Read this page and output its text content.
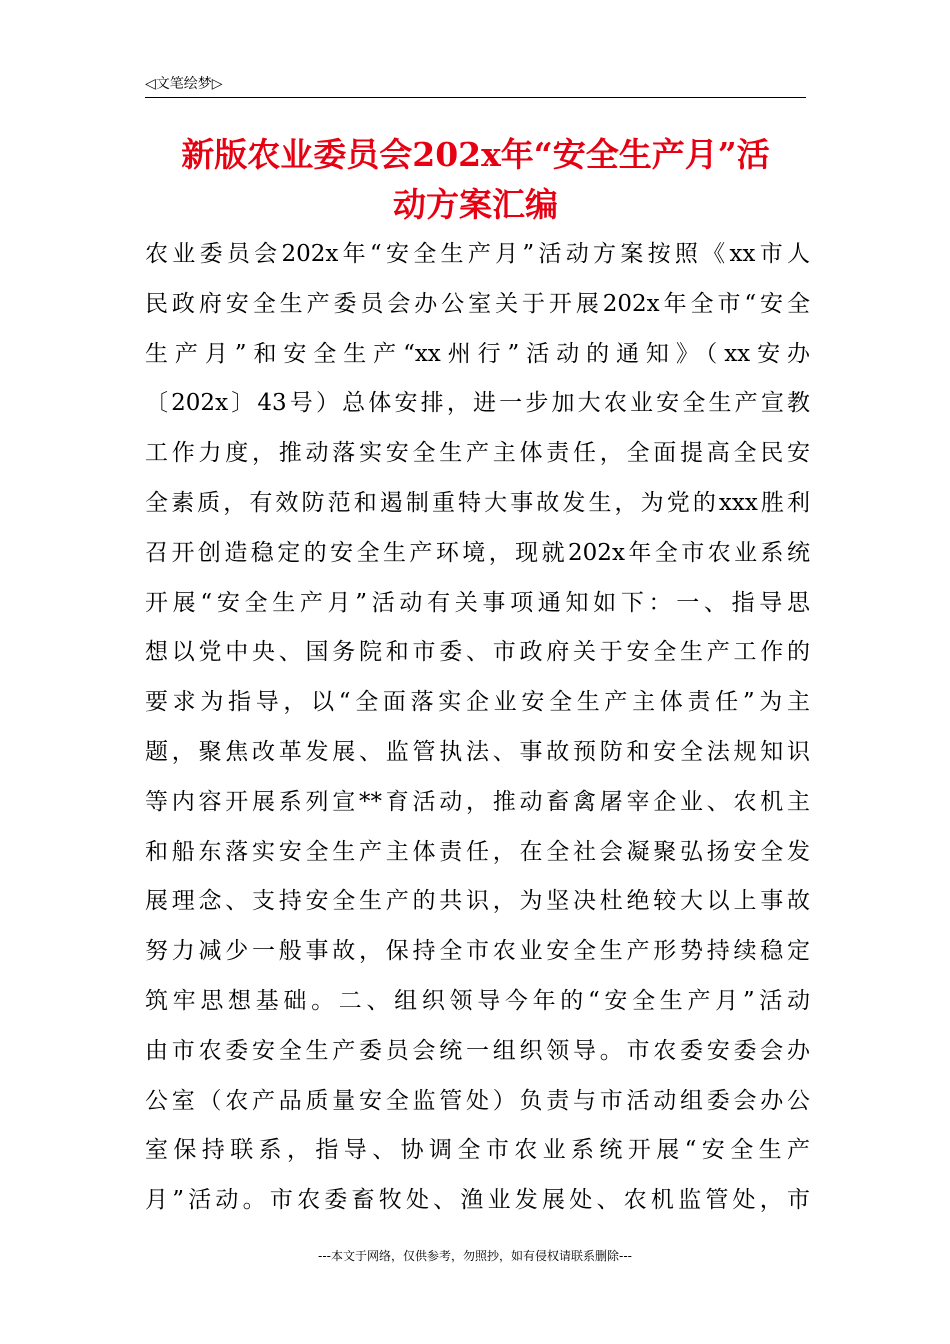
◁文笔绘梦▷
新版农业委员会202x年“安全生产月”活
动方案汇编
农业委员会202x年“安全生产月”活动方案按照《xx市人
民政府安全生产委员会办公室关于开展202x年全市“安全
生产月”和安全生产“xx州行”活动的通知》（xx安办
〔202x〕43号）总体安排，进一步加大农业安全生产宣教
工作力度，推动落实安全生产主体责任，全面提高全民安
全素质，有效防范和遏制重特大事故发生，为党的xxx胜利
召开创造稳定的安全生产环境，现就202x年全市农业系统
开展“安全生产月”活动有关事项通知如下：一、指导思
想以党中央、国务院和市委、市政府关于安全生产工作的
要求为指导，以“全面落实企业安全生产主体责任”为主
题，聚焦改革发展、监管执法、事故预防和安全法规知识
等内容开展系列宣**育活动，推动畜禽屠宰企业、农机主
和船东落实安全生产主体责任，在全社会凝聚弘扬安全发
展理念、支持安全生产的共识，为坚决杜绝较大以上事故
努力减少一般事故，保持全市农业安全生产形势持续稳定
筑牢思想基础。二、组织领导今年的“安全生产月”活动
由市农委安全生产委员会统一组织领导。市农委安委会办
公室（农产品质量安全监管处）负责与市活动组委会办公
室保持联系，指导、协调全市农业系统开展“安全生产
月”活动。市农委畜牧处、渔业发展处、农机监管处，市
---本文于网络，仅供参考，勿照抄，如有侵权请联系删除---
